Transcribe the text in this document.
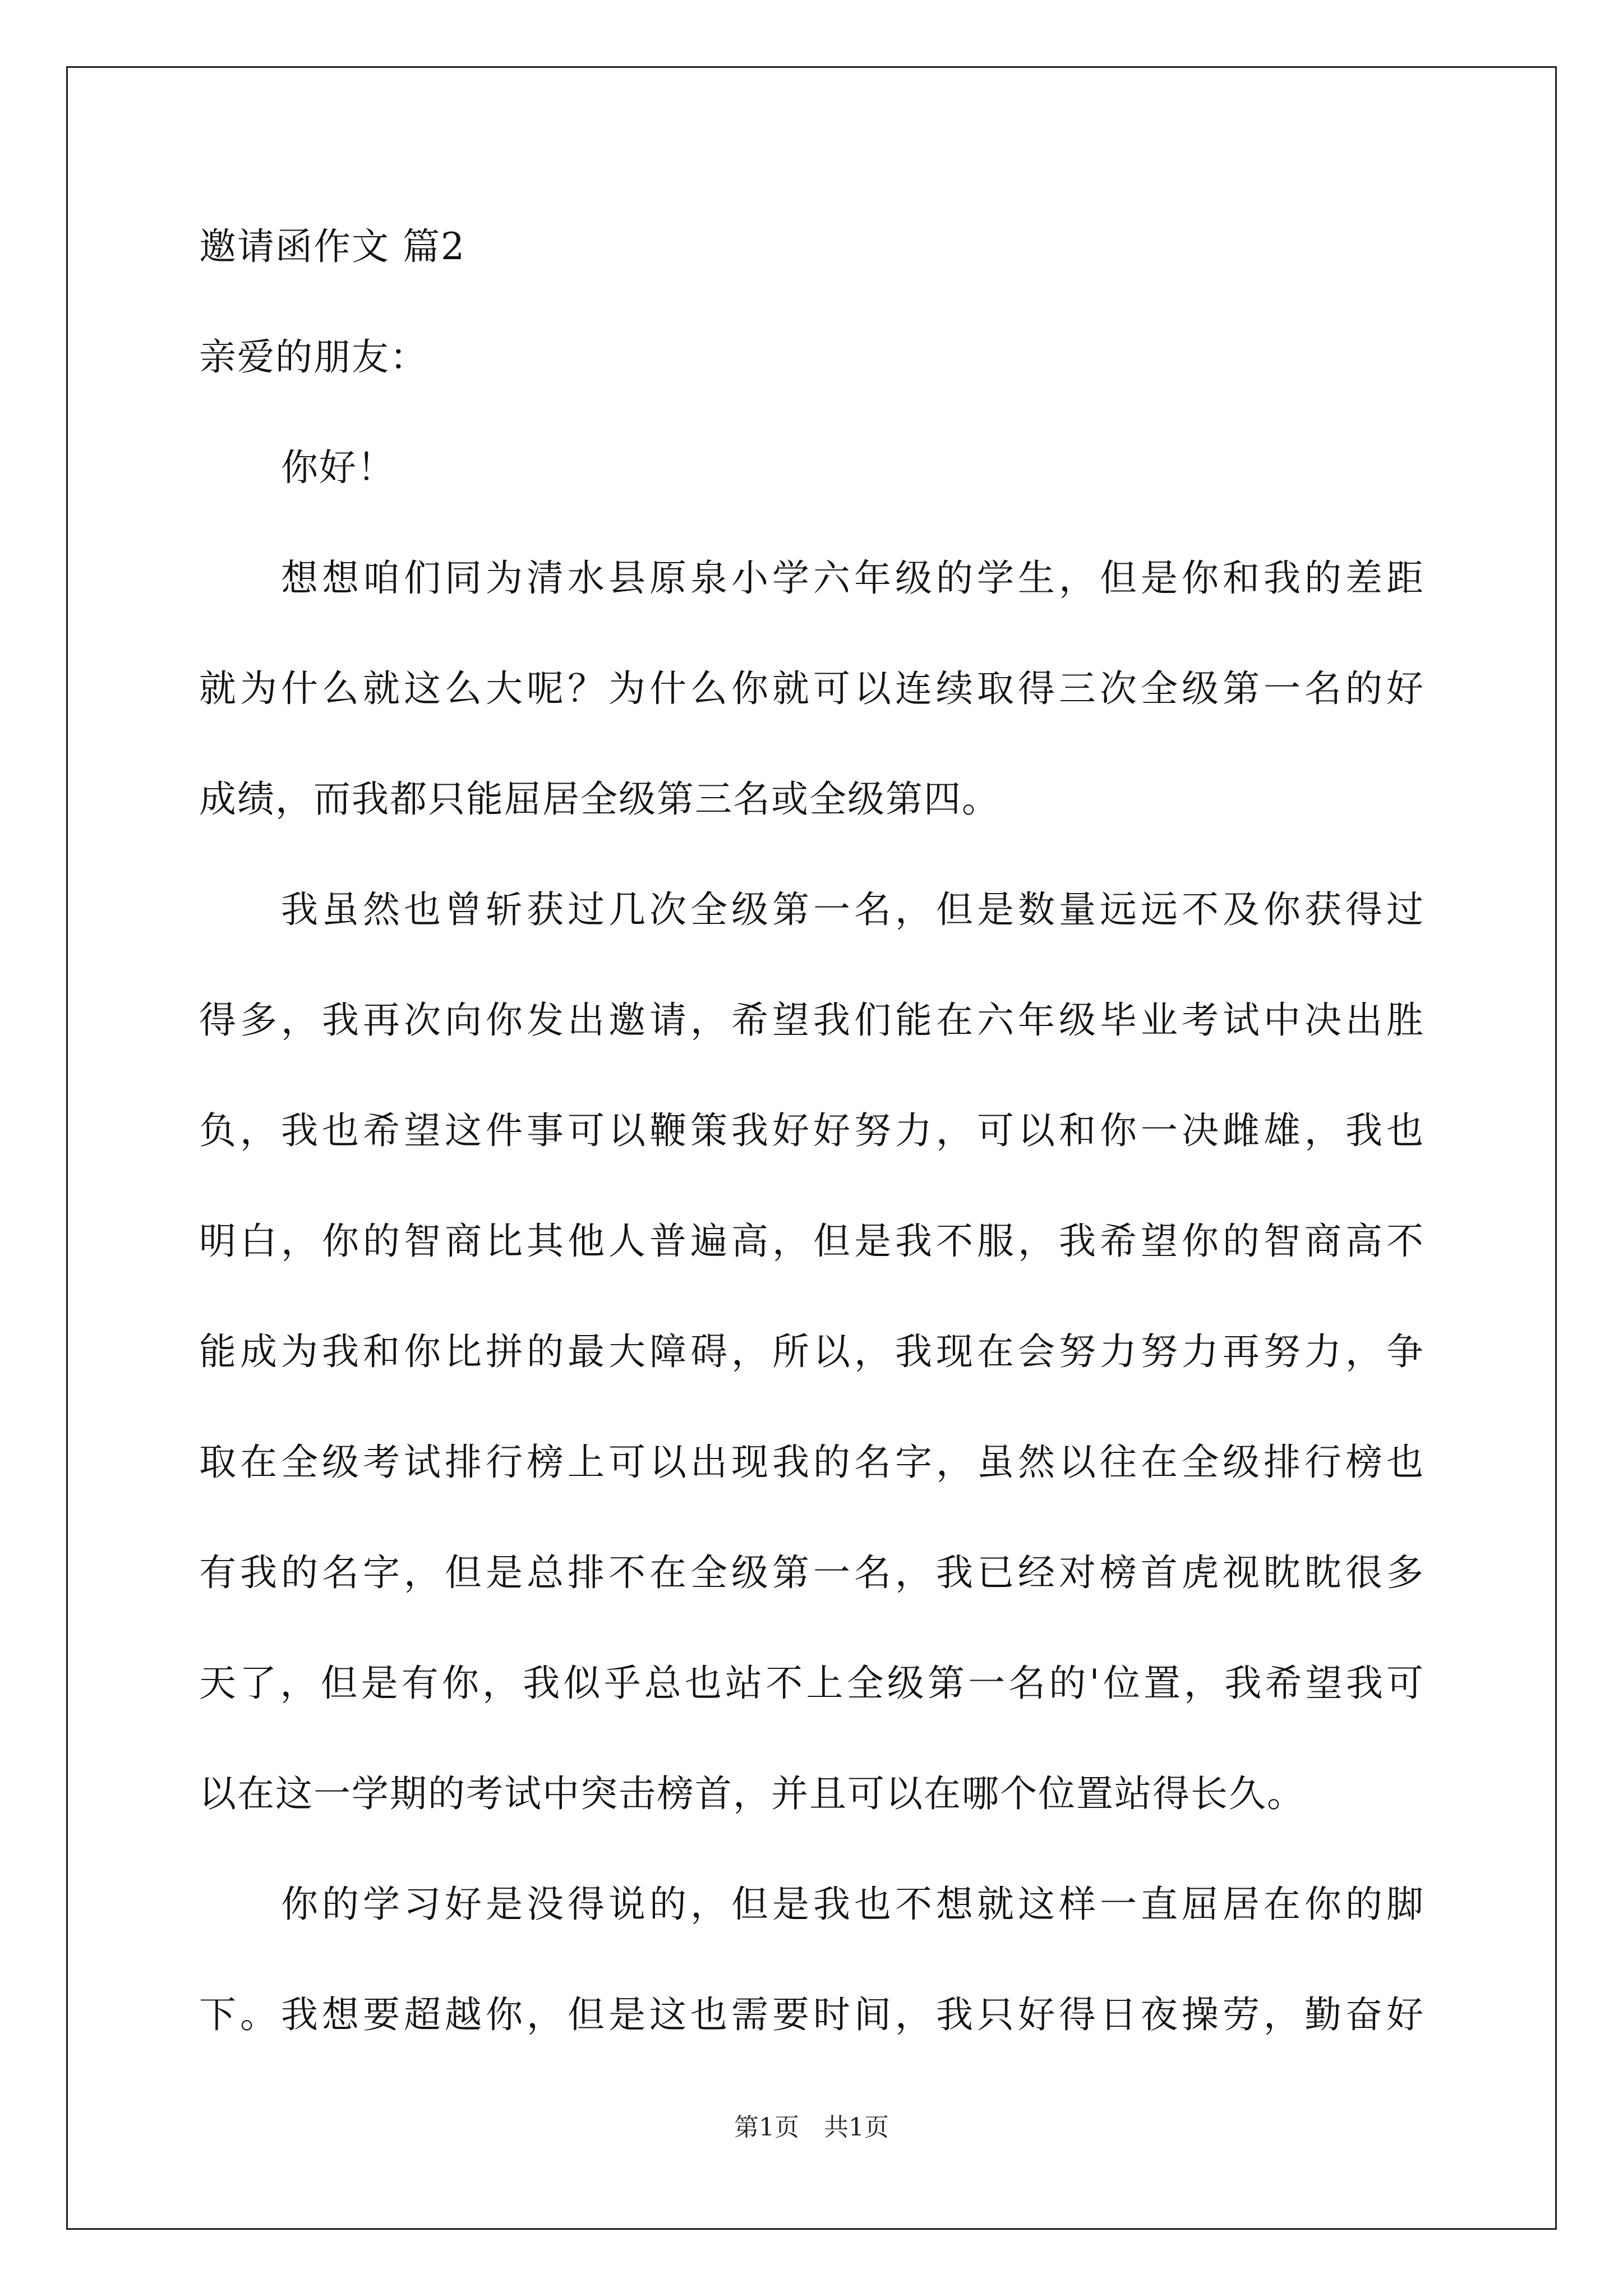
邀请函作文 篇2
亲爱的朋友：
你好！
想想咱们同为清水县原泉小学六年级的学生，但是你和我的差距
就为什么就这么大呢？为什么你就可以连续取得三次全级第一名的好
成绩，而我都只能屈居全级第三名或全级第四。
我虽然也曾斩获过几次全级第一名，但是数量远远不及你获得过
得多，我再次向你发出邀请，希望我们能在六年级毕业考试中决出胜
负，我也希望这件事可以鞭策我好好努力，可以和你一决雌雄，我也
明白，你的智商比其他人普遍高，但是我不服，我希望你的智商高不
能成为我和你比拼的最大障碍，所以，我现在会努力努力再努力，争
取在全级考试排行榜上可以出现我的名字，虽然以往在全级排行榜也
有我的名字，但是总排不在全级第一名，我已经对榜首虎视眈眈很多
天了，但是有你，我似乎总也站不上全级第一名的'位置，我希望我可
以在这一学期的考试中突击榜首，并且可以在哪个位置站得长久。
你的学习好是没得说的，但是我也不想就这样一直屈居在你的脚
下。我想要超越你，但是这也需要时间，我只好得日夜操劳，勤奋好
第1页　共1页
